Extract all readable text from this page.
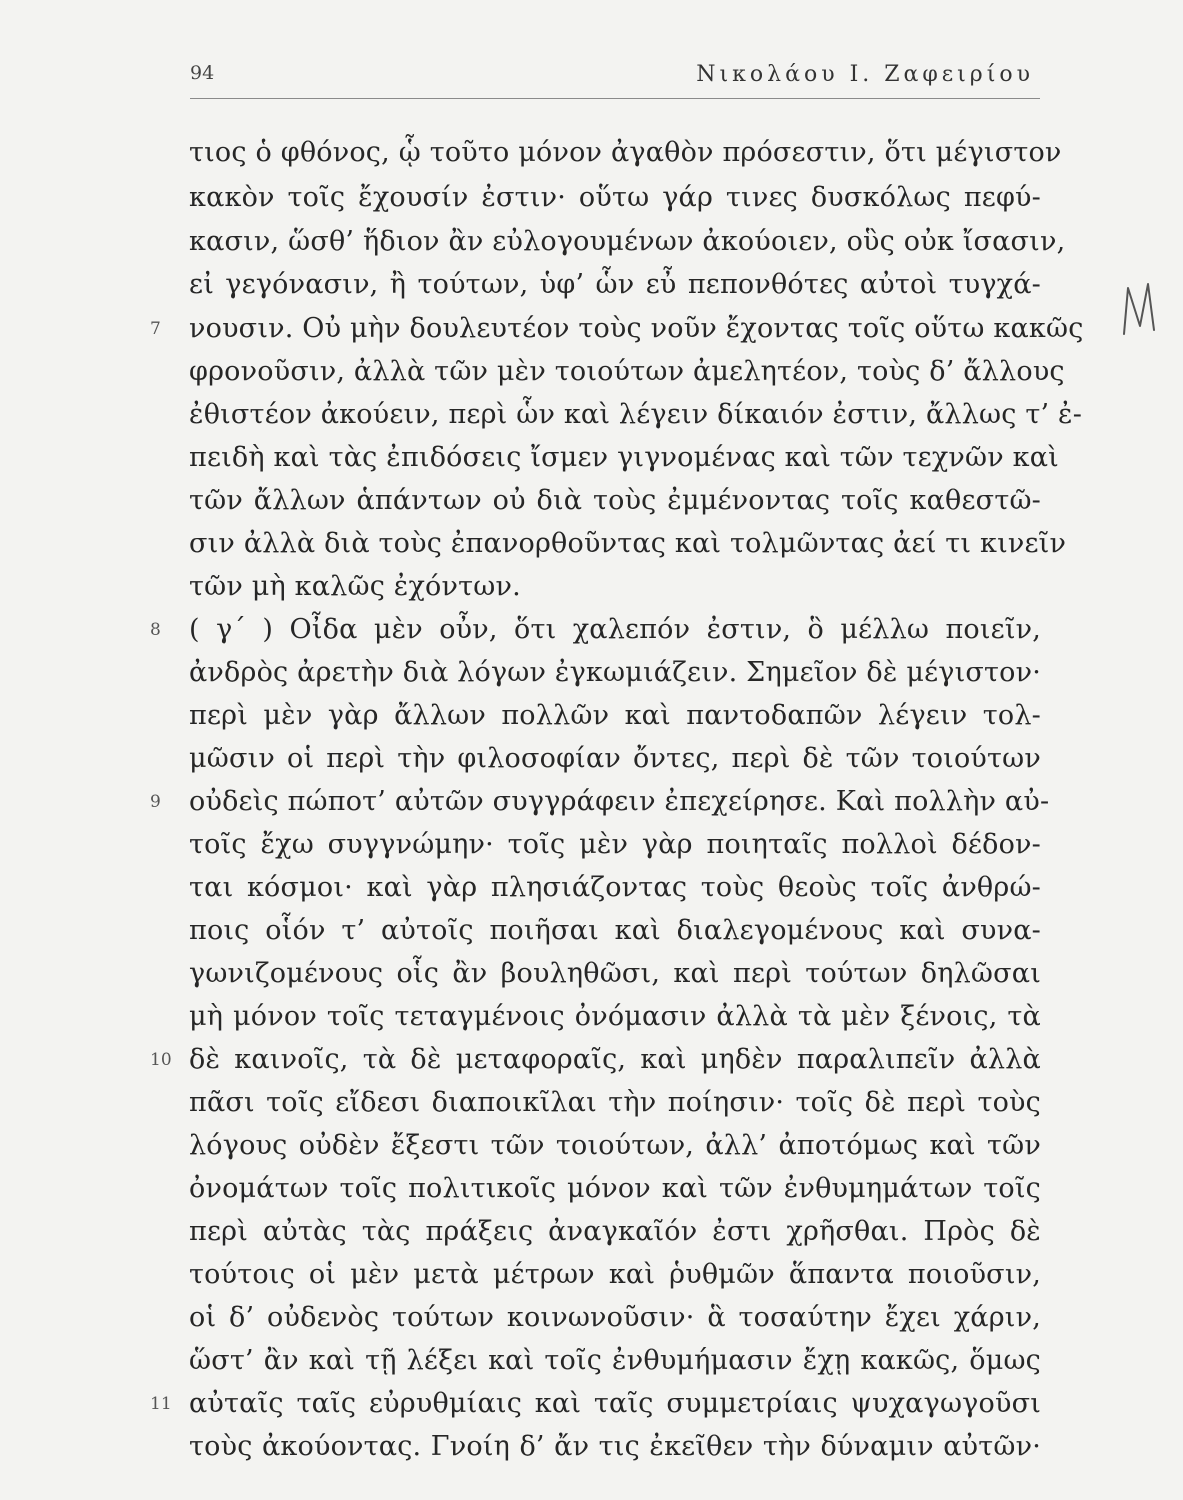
94	Νικολάου Ι. Ζαφειρίου
τιος ὁ φθόνος, ᾧ τοῦτο μόνον ἀγαθὸν πρόσεστιν, ὅτι μέγιστον
κακὸν τοῖς ἔχουσίν ἐστιν· οὕτω γάρ τινες δυσκόλως πεφύ-
κασιν, ὥσθ’ ἥδιον ἂν εὐλογουμένων ἀκούοιεν, οὓς οὐκ ἴσασιν,
εἰ γεγόνασιν, ἢ τούτων, ὑφ’ ὧν εὖ πεπονθότες αὐτοὶ τυγχά-
νουσιν. Οὐ μὴν δουλευτέον τοὺς νοῦν ἔχοντας τοῖς οὕτω κακῶς
φρονοῦσιν, ἀλλὰ τῶν μὲν τοιούτων ἀμελητέον, τοὺς δ’ ἄλλους
ἐθιστέον ἀκούειν, περὶ ὧν καὶ λέγειν δίκαιόν ἐστιν, ἄλλως τ’ ἐ-
πειδὴ καὶ τὰς ἐπιδόσεις ἴσμεν γιγνομένας καὶ τῶν τεχνῶν καὶ
τῶν ἄλλων ἁπάντων οὐ διὰ τοὺς ἐμμένοντας τοῖς καθεστῶ-
σιν ἀλλὰ διὰ τοὺς ἐπανορθοῦντας καὶ τολμῶντας ἀεί τι κινεῖν
τῶν μὴ καλῶς ἐχόντων.
( γ΄ ) Οἶδα μὲν οὖν, ὅτι χαλεπόν ἐστιν, ὃ μέλλω ποιεῖν,
ἀνδρὸς ἀρετὴν διὰ λόγων ἐγκωμιάζειν. Σημεῖον δὲ μέγιστον·
περὶ μὲν γὰρ ἄλλων πολλῶν καὶ παντοδαπῶν λέγειν τολ-
μῶσιν οἱ περὶ τὴν φιλοσοφίαν ὄντες, περὶ δὲ τῶν τοιούτων
οὐδεὶς πώποτ’ αὐτῶν συγγράφειν ἐπεχείρησε. Καὶ πολλὴν αὐ-
τοῖς ἔχω συγγνώμην· τοῖς μὲν γὰρ ποιηταῖς πολλοὶ δέδον-
ται κόσμοι· καὶ γὰρ πλησιάζοντας τοὺς θεοὺς τοῖς ἀνθρώ-
ποις οἷόν τ’ αὐτοῖς ποιῆσαι καὶ διαλεγομένους καὶ συνα-
γωνιζομένους οἷς ἂν βουληθῶσι, καὶ περὶ τούτων δηλῶσαι
μὴ μόνον τοῖς τεταγμένοις ὀνόμασιν ἀλλὰ τὰ μὲν ξένοις, τὰ
δὲ καινοῖς, τὰ δὲ μεταφοραῖς, καὶ μηδὲν παραλιπεῖν ἀλλὰ
πᾶσι τοῖς εἴδεσι διαποικῖλαι τὴν ποίησιν· τοῖς δὲ περὶ τοὺς
λόγους οὐδὲν ἔξεστι τῶν τοιούτων, ἀλλ’ ἀποτόμως καὶ τῶν
ὀνομάτων τοῖς πολιτικοῖς μόνον καὶ τῶν ἐνθυμημάτων τοῖς
περὶ αὐτὰς τὰς πράξεις ἀναγκαῖόν ἐστι χρῆσθαι. Πρὸς δὲ
τούτοις οἱ μὲν μετὰ μέτρων καὶ ῥυθμῶν ἅπαντα ποιοῦσιν,
οἱ δ’ οὐδενὸς τούτων κοινωνοῦσιν· ἃ τοσαύτην ἔχει χάριν,
ὥστ’ ἂν καὶ τῇ λέξει καὶ τοῖς ἐνθυμήμασιν ἔχῃ κακῶς, ὅμως
αὐταῖς ταῖς εὐρυθμίαις καὶ ταῖς συμμετρίαις ψυχαγωγοῦσι
τοὺς ἀκούοντας. Γνοίη δ’ ἄν τις ἐκεῖθεν τὴν δύναμιν αὐτῶν·
7
8
9
10
11
